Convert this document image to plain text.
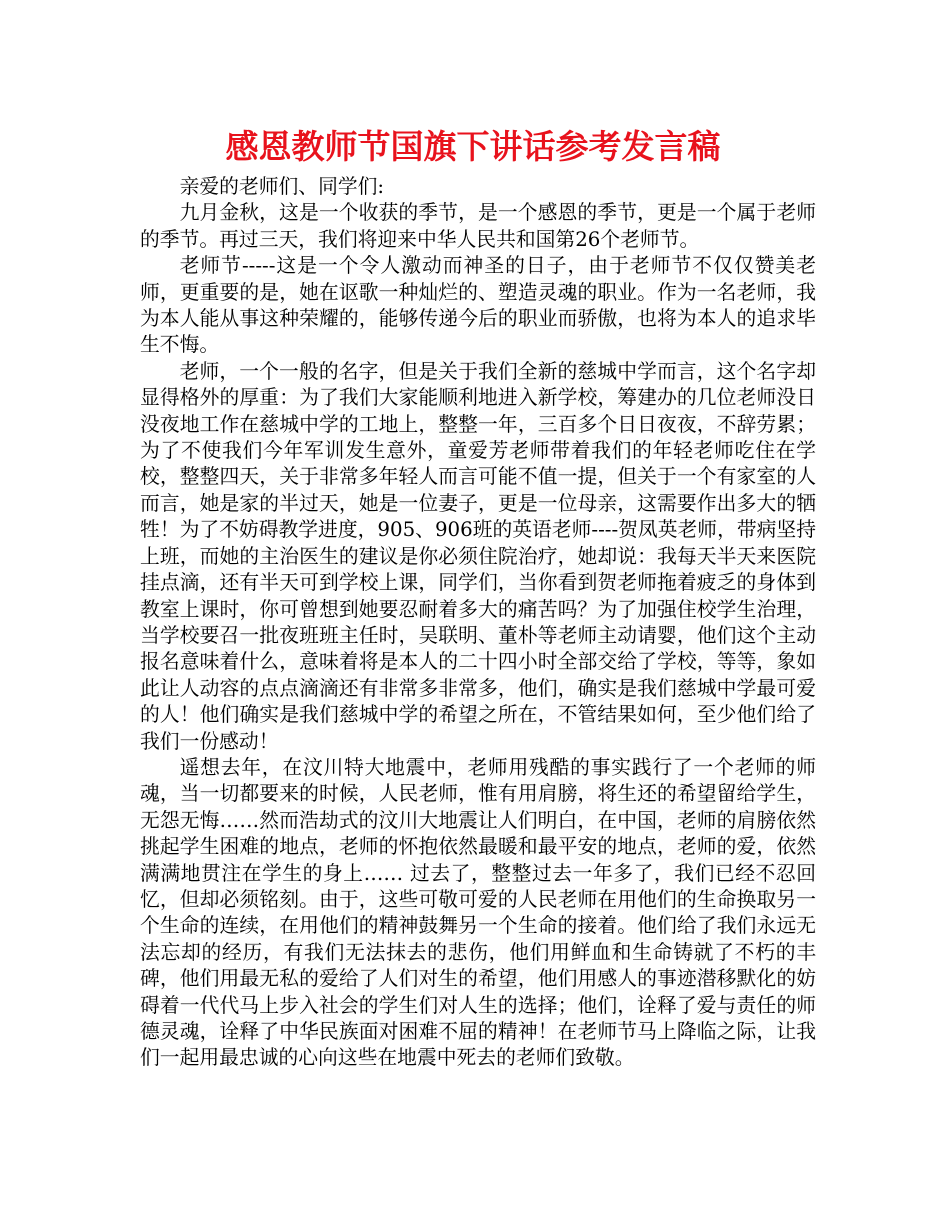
感恩教师节国旗下讲话参考发言稿

亲爱的老师们、同学们:

九月金秋，这是一个收获的季节，是一个感恩的季节，更是一个属于老师的季节。再过三天，我们将迎来中华人民共和国第26个老师节。

老师节-----这是一个令人激动而神圣的日子，由于老师节不仅仅赞美老师，更重要的是，她在讴歌一种灿烂的、塑造灵魂的职业。作为一名老师，我为本人能从事这种荣耀的，能够传递今后的职业而骄傲，也将为本人的追求毕生不悔。

老师，一个一般的名字，但是关于我们全新的慈城中学而言，这个名字却显得格外的厚重：为了我们大家能顺利地进入新学校，筹建办的几位老师没日没夜地工作在慈城中学的工地上，整整一年，三百多个日日夜夜，不辞劳累；为了不使我们今年军训发生意外，童爱芳老师带着我们的年轻老师吃住在学校，整整四天，关于非常多年轻人而言可能不值一提，但关于一个有家室的人而言，她是家的半过天，她是一位妻子，更是一位母亲，这需要作出多大的牺牲！为了不妨碍教学进度，905、906班的英语老师----贺凤英老师，带病坚持上班，而她的主治医生的建议是你必须住院治疗，她却说：我每天半天来医院挂点滴，还有半天可到学校上课，同学们，当你看到贺老师拖着疲乏的身体到教室上课时，你可曾想到她要忍耐着多大的痛苦吗？为了加强住校学生治理，当学校要召一批夜班班主任时，吴联明、董朴等老师主动请婴，他们这个主动报名意味着什么，意味着将是本人的二十四小时全部交给了学校，等等，象如此让人动容的点点滴滴还有非常多非常多，他们，确实是我们慈城中学最可爱的人！他们确实是我们慈城中学的希望之所在，不管结果如何，至少他们给了我们一份感动！

遥想去年，在汶川特大地震中，老师用残酷的事实践行了一个老师的师魂，当一切都要来的时候，人民老师，惟有用肩膀，将生还的希望留给学生，无怨无悔……然而浩劫式的汶川大地震让人们明白，在中国，老师的肩膀依然挑起学生困难的地点，老师的怀抱依然最暖和最平安的地点，老师的爱，依然满满地贯注在学生的身上…… 过去了，整整过去一年多了，我们已经不忍回忆，但却必须铭刻。由于，这些可敬可爱的人民老师在用他们的生命换取另一个生命的连续，在用他们的精神鼓舞另一个生命的接着。他们给了我们永远无法忘却的经历，有我们无法抹去的悲伤，他们用鲜血和生命铸就了不朽的丰碑，他们用最无私的爱给了人们对生的希望，他们用感人的事迹潜移默化的妨碍着一代代马上步入社会的学生们对人生的选择；他们，诠释了爱与责任的师德灵魂，诠释了中华民族面对困难不屈的精神！在老师节马上降临之际，让我们一起用最忠诚的心向这些在地震中死去的老师们致敬。
